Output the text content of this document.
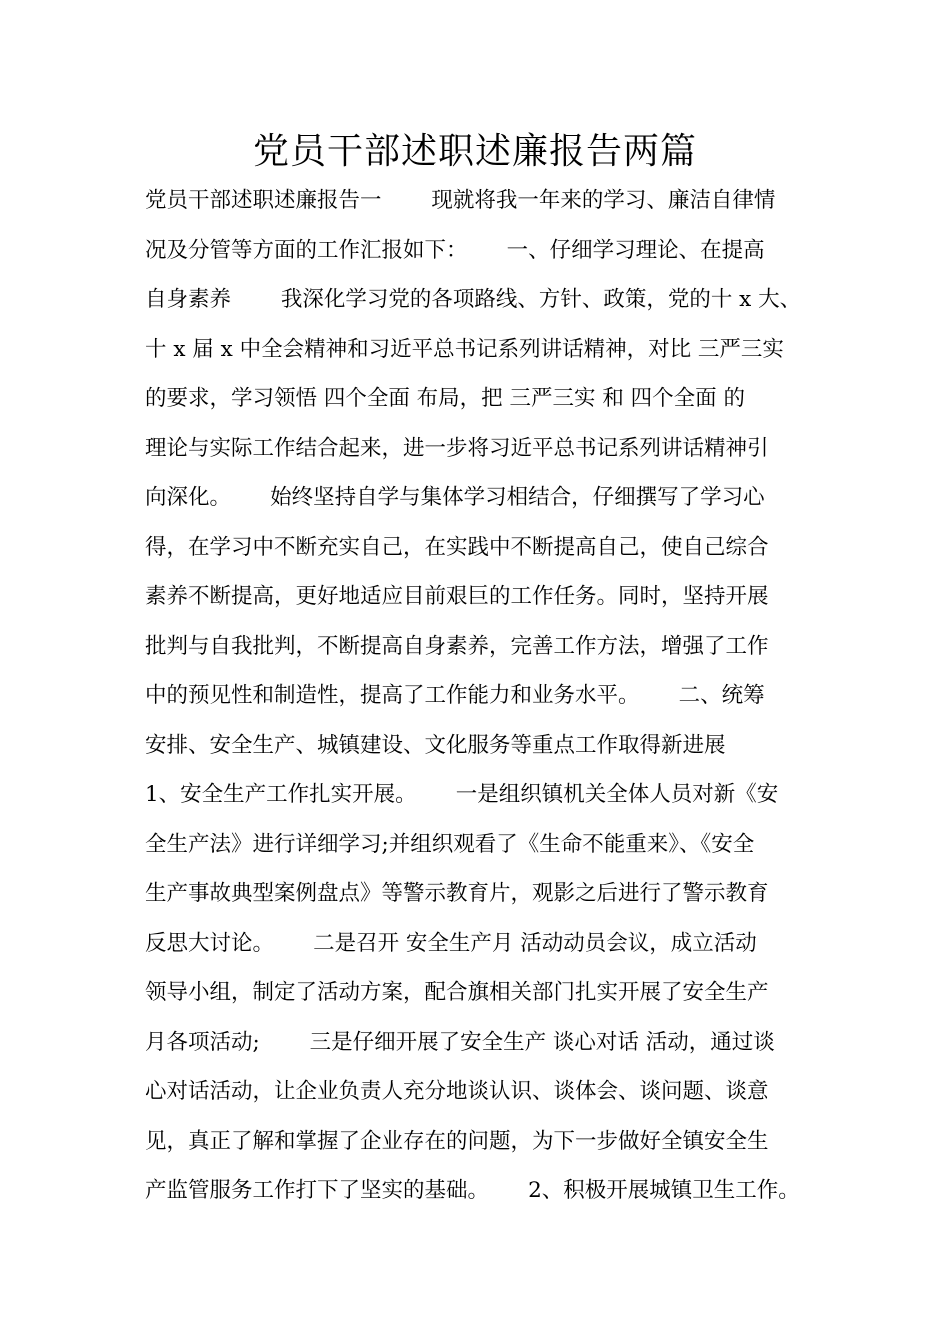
党员干部述职述廉报告两篇
党员干部述职述廉报告一　　 现就将我一年来的学习、廉洁自律情
况及分管等方面的工作汇报如下：　　 一、仔细学习理论、在提高
自身素养　　 我深化学习党的各项路线、方针、政策，党的十 x 大、
十 x 届 x 中全会精神和习近平总书记系列讲话精神，对比 三严三实
的要求，学习领悟 四个全面 布局，把 三严三实 和 四个全面 的
理论与实际工作结合起来，进一步将习近平总书记系列讲话精神引
向深化。　　 始终坚持自学与集体学习相结合，仔细撰写了学习心
得，在学习中不断充实自己，在实践中不断提高自己，使自己综合
素养不断提高，更好地适应目前艰巨的工作任务。同时，坚持开展
批判与自我批判，不断提高自身素养，完善工作方法，增强了工作
中的预见性和制造性，提高了工作能力和业务水平。　　 二、统筹
安排、安全生产、城镇建设、文化服务等重点工作取得新进展
1、安全生产工作扎实开展。　　 一是组织镇机关全体人员对新《安
全生产法》进行详细学习;并组织观看了《生命不能重来》、《安全
生产事故典型案例盘点》等警示教育片，观影之后进行了警示教育
反思大讨论。　　 二是召开 安全生产月 活动动员会议，成立活动
领导小组，制定了活动方案，配合旗相关部门扎实开展了安全生产
月各项活动;　　 三是仔细开展了安全生产 谈心对话 活动，通过谈
心对话活动，让企业负责人充分地谈认识、谈体会、谈问题、谈意
见，真正了解和掌握了企业存在的问题，为下一步做好全镇安全生
产监管服务工作打下了坚实的基础。　　 2、积极开展城镇卫生工作。
